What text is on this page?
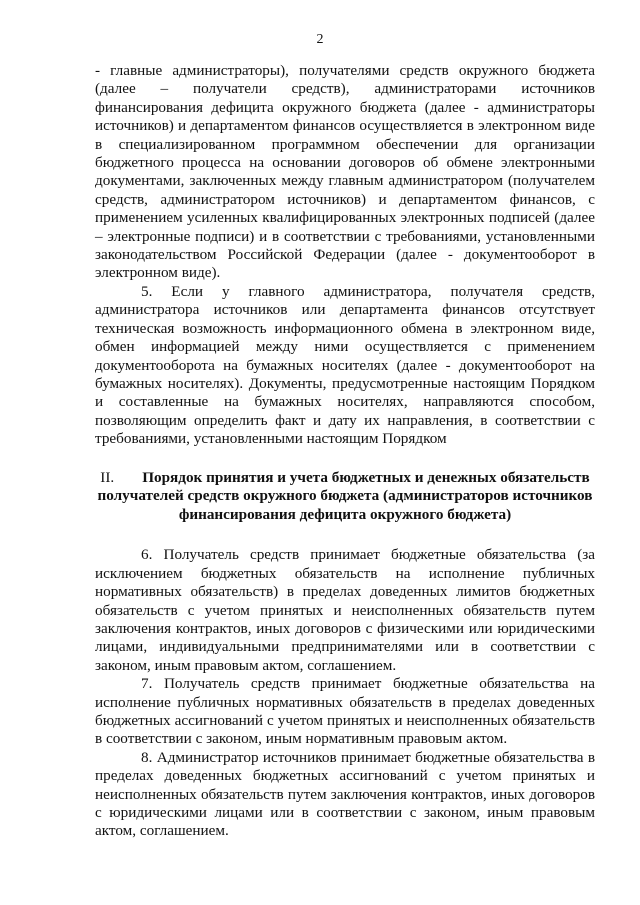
2

- главные администраторы), получателями средств окружного бюджета (далее – получатели средств), администраторами источников финансирования дефицита окружного бюджета (далее - администраторы источников) и департаментом финансов осуществляется в электронном виде в специализированном программном обеспечении для организации бюджетного процесса на основании договоров об обмене электронными документами, заключенных между главным администратором (получателем средств, администратором источников) и департаментом финансов, с применением усиленных квалифицированных электронных подписей (далее – электронные подписи) и в соответствии с требованиями, установленными законодательством Российской Федерации (далее - документооборот в электронном виде).

5. Если у главного администратора, получателя средств, администратора источников или департамента финансов отсутствует техническая возможность информационного обмена в электронном виде, обмен информацией между ними осуществляется с применением документооборота на бумажных носителях (далее - документооборот на бумажных носителях). Документы, предусмотренные настоящим Порядком и составленные на бумажных носителях, направляются способом, позволяющим определить факт и дату их направления, в соответствии с требованиями, установленными настоящим Порядком

II. Порядок принятия и учета бюджетных и денежных обязательств получателей средств окружного бюджета (администраторов источников финансирования дефицита окружного бюджета)

6. Получатель средств принимает бюджетные обязательства (за исключением бюджетных обязательств на исполнение публичных нормативных обязательств) в пределах доведенных лимитов бюджетных обязательств с учетом принятых и неисполненных обязательств путем заключения контрактов, иных договоров с физическими или юридическими лицами, индивидуальными предпринимателями или в соответствии с законом, иным правовым актом, соглашением.

7. Получатель средств принимает бюджетные обязательства на исполнение публичных нормативных обязательств в пределах доведенных бюджетных ассигнований с учетом принятых и неисполненных обязательств в соответствии с законом, иным нормативным правовым актом.

8. Администратор источников принимает бюджетные обязательства в пределах доведенных бюджетных ассигнований с учетом принятых и неисполненных обязательств путем заключения контрактов, иных договоров с юридическими лицами или в соответствии с законом, иным правовым актом, соглашением.
